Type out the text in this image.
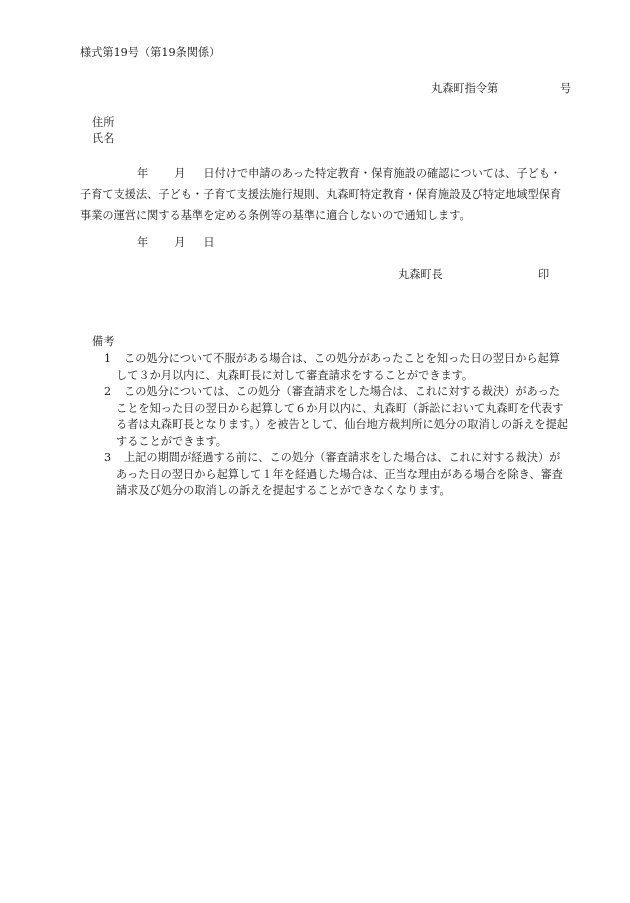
様式第19号（第19条関係）
丸森町指令第	号
住所
氏名
年 月 日付けで申請のあった特定教育・保育施設の確認については、子ども・
子育て支援法、子ども・子育て支援法施行規則、丸森町特定教育・保育施設及び特定地域型保育
事業の運営に関する基準を定める条例等の基準に適合しないので通知します。
年 月 日
丸森町長	印
備考
1	この処分について不服がある場合は、この処分があったことを知った日の翌日から起算
して３か月以内に、丸森町長に対して審査請求をすることができます。
2	この処分については、この処分（審査請求をした場合は、これに対する裁決）があった
ことを知った日の翌日から起算して６か月以内に、丸森町（訴訟において丸森町を代表す
る者は丸森町長となります。）を被告として、仙台地方裁判所に処分の取消しの訴えを提起
することができます。
3	上記の期間が経過する前に、この処分（審査請求をした場合は、これに対する裁決）が
あった日の翌日から起算して１年を経過した場合は、正当な理由がある場合を除き、審査
請求及び処分の取消しの訴えを提起することができなくなります。
